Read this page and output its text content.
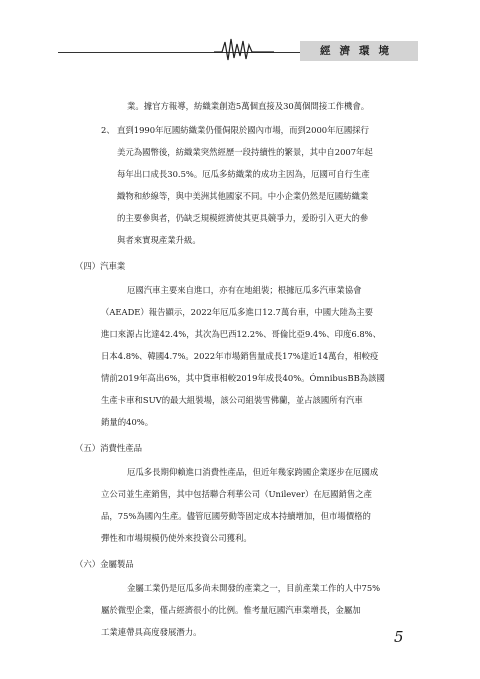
經濟環境
業。據官方報導，紡織業創造5萬個直接及30萬個間接工作機會。
2、 直到1990年厄國紡織業仍僅侷限於國內市場，而到2000年厄國採行
美元為國幣後，紡織業突然經歷一段持續性的繁景，其中自2007年起
每年出口成長30.5%。厄瓜多紡織業的成功主因為，厄國可自行生產
織物和紗線等，與中美洲其他國家不同。中小企業仍然是厄國紡織業
的主要參與者，仍缺乏規模經濟使其更具競爭力，爰盼引入更大的參
與者來實現產業升級。
（四）汽車業
厄國汽車主要來自進口，亦有在地組裝；根據厄瓜多汽車業協會
（AEADE）報告顯示，2022年厄瓜多進口12.7萬台車，中國大陸為主要
進口來源占比達42.4%，其次為巴西12.2%、哥倫比亞9.4%、印度6.8%、
日本4.8%、韓國4.7%。2022年市場銷售量成長17%達近14萬台，相較疫
情前2019年高出6%，其中貨車相較2019年成長40%。ÓmnibusBB為該國
生產卡車和SUV的最大組裝場，該公司組裝雪佛蘭，並占該國所有汽車
銷量的40%。
（五）消費性產品
厄瓜多長期仰賴進口消費性產品，但近年幾家跨國企業逐步在厄國成
立公司並生產銷售，其中包括聯合利華公司（Unilever）在厄國銷售之產
品，75%為國內生產。儘管厄國勞動等固定成本持續增加，但市場價格的
彈性和市場規模仍使外來投資公司獲利。
（六）金屬製品
金屬工業仍是厄瓜多尚未開發的產業之一，目前產業工作的人中75%
屬於微型企業，僅占經濟很小的比例。惟考量厄國汽車業增長，金屬加
工業連帶具高度發展潛力。	5
